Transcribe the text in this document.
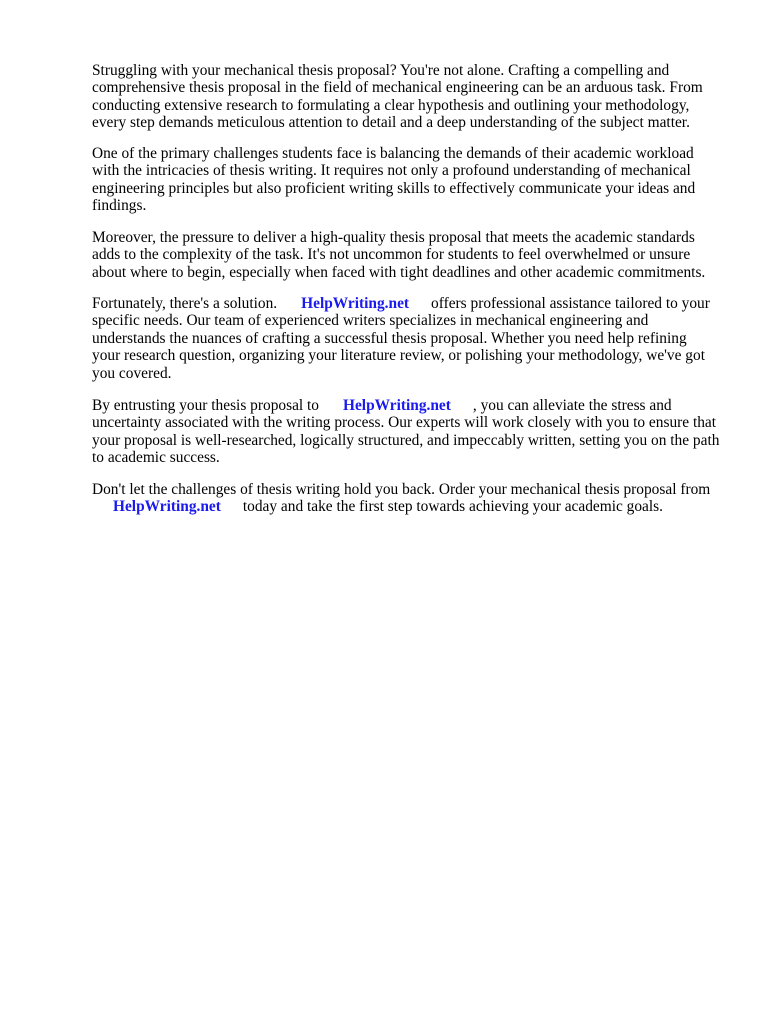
Struggling with your mechanical thesis proposal? You're not alone. Crafting a compelling and
comprehensive thesis proposal in the field of mechanical engineering can be an arduous task. From
conducting extensive research to formulating a clear hypothesis and outlining your methodology,
every step demands meticulous attention to detail and a deep understanding of the subject matter.

One of the primary challenges students face is balancing the demands of their academic workload
with the intricacies of thesis writing. It requires not only a profound understanding of mechanical
engineering principles but also proficient writing skills to effectively communicate your ideas and
findings.

Moreover, the pressure to deliver a high-quality thesis proposal that meets the academic standards
adds to the complexity of the task. It's not uncommon for students to feel overwhelmed or unsure
about where to begin, especially when faced with tight deadlines and other academic commitments.

Fortunately, there's a solution. HelpWriting.net offers professional assistance tailored to your
specific needs. Our team of experienced writers specializes in mechanical engineering and
understands the nuances of crafting a successful thesis proposal. Whether you need help refining
your research question, organizing your literature review, or polishing your methodology, we've got
you covered.

By entrusting your thesis proposal to HelpWriting.net , you can alleviate the stress and
uncertainty associated with the writing process. Our experts will work closely with you to ensure that
your proposal is well-researched, logically structured, and impeccably written, setting you on the path
to academic success.

Don't let the challenges of thesis writing hold you back. Order your mechanical thesis proposal from
HelpWriting.net today and take the first step towards achieving your academic goals.
